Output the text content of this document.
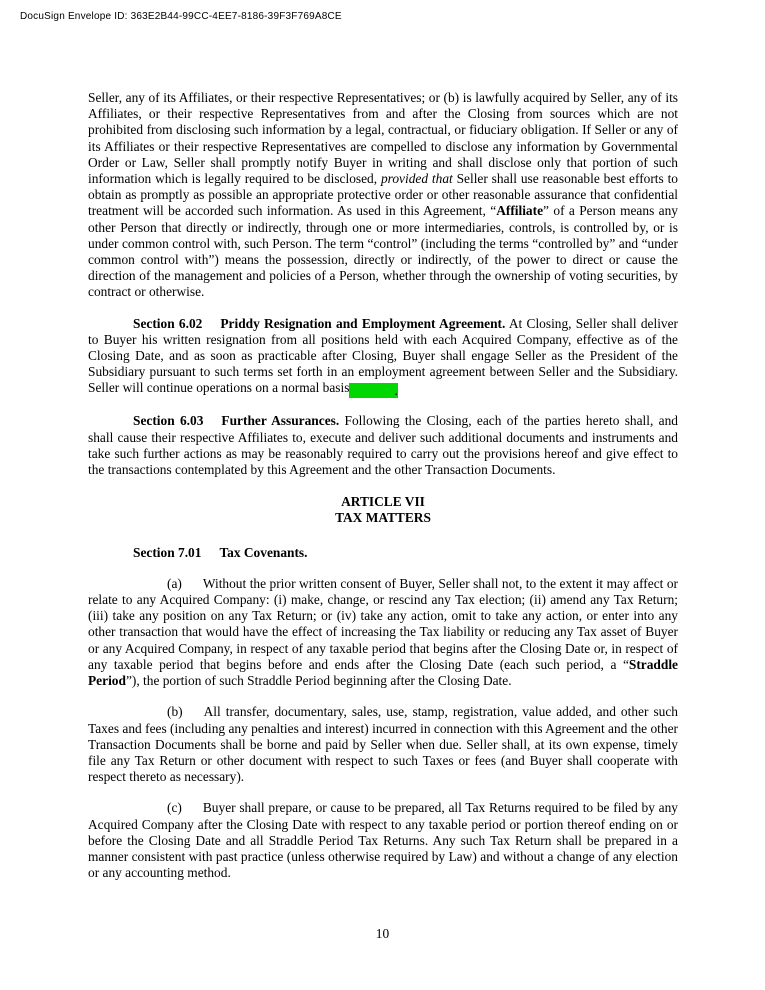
DocuSign Envelope ID: 363E2B44-99CC-4EE7-8186-39F3F769A8CE

Seller, any of its Affiliates, or their respective Representatives; or (b) is lawfully acquired by Seller, any of its Affiliates, or their respective Representatives from and after the Closing from sources which are not prohibited from disclosing such information by a legal, contractual, or fiduciary obligation. If Seller or any of its Affiliates or their respective Representatives are compelled to disclose any information by Governmental Order or Law, Seller shall promptly notify Buyer in writing and shall disclose only that portion of such information which is legally required to be disclosed, provided that Seller shall use reasonable best efforts to obtain as promptly as possible an appropriate protective order or other reasonable assurance that confidential treatment will be accorded such information. As used in this Agreement, “Affiliate” of a Person means any other Person that directly or indirectly, through one or more intermediaries, controls, is controlled by, or is under common control with, such Person. The term “control” (including the terms “controlled by” and “under common control with”) means the possession, directly or indirectly, of the power to direct or cause the direction of the management and policies of a Person, whether through the ownership of voting securities, by contract or otherwise.

Section 6.02 Priddy Resignation and Employment Agreement. At Closing, Seller shall deliver to Buyer his written resignation from all positions held with each Acquired Company, effective as of the Closing Date, and as soon as practicable after Closing, Buyer shall engage Seller as the President of the Subsidiary pursuant to such terms set forth in an employment agreement between Seller and the Subsidiary. Seller will continue operations on a normal basis	.

Section 6.03 Further Assurances. Following the Closing, each of the parties hereto shall, and shall cause their respective Affiliates to, execute and deliver such additional documents and instruments and take such further actions as may be reasonably required to carry out the provisions hereof and give effect to the transactions contemplated by this Agreement and the other Transaction Documents.

ARTICLE VII
TAX MATTERS

Section 7.01 Tax Covenants.

(a) Without the prior written consent of Buyer, Seller shall not, to the extent it may affect or relate to any Acquired Company: (i) make, change, or rescind any Tax election; (ii) amend any Tax Return; (iii) take any position on any Tax Return; or (iv) take any action, omit to take any action, or enter into any other transaction that would have the effect of increasing the Tax liability or reducing any Tax asset of Buyer or any Acquired Company, in respect of any taxable period that begins after the Closing Date or, in respect of any taxable period that begins before and ends after the Closing Date (each such period, a “Straddle Period”), the portion of such Straddle Period beginning after the Closing Date.

(b) All transfer, documentary, sales, use, stamp, registration, value added, and other such Taxes and fees (including any penalties and interest) incurred in connection with this Agreement and the other Transaction Documents shall be borne and paid by Seller when due. Seller shall, at its own expense, timely file any Tax Return or other document with respect to such Taxes or fees (and Buyer shall cooperate with respect thereto as necessary).

(c) Buyer shall prepare, or cause to be prepared, all Tax Returns required to be filed by any Acquired Company after the Closing Date with respect to any taxable period or portion thereof ending on or before the Closing Date and all Straddle Period Tax Returns. Any such Tax Return shall be prepared in a manner consistent with past practice (unless otherwise required by Law) and without a change of any election or any accounting method.

10
